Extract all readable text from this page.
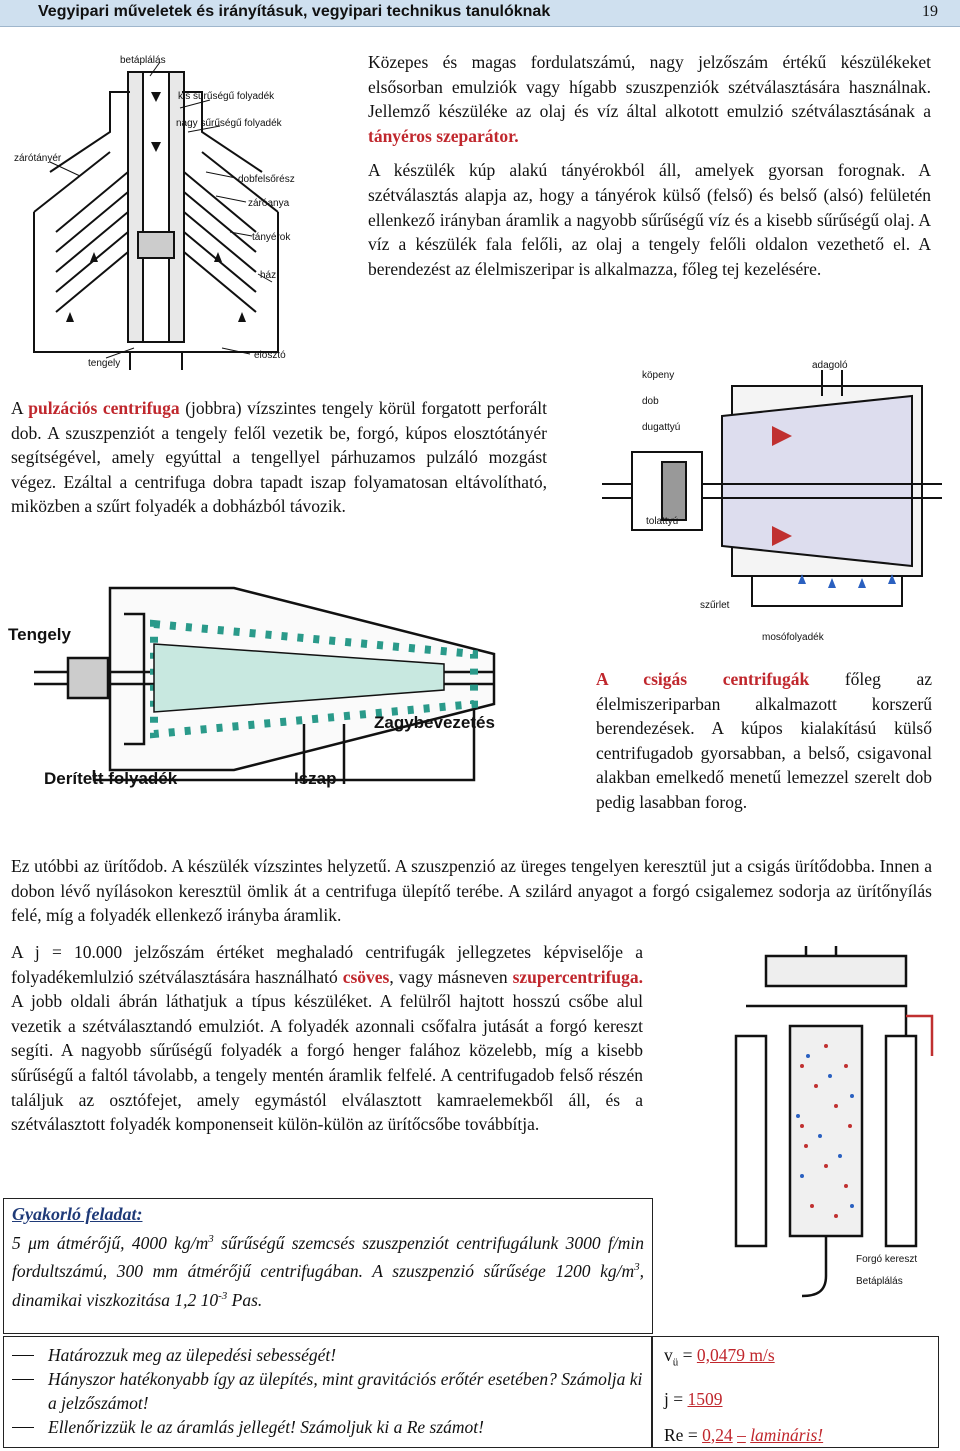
Vegyipari műveletek és irányításuk, vegyipari technikus tanulóknak	19
betáplálás
kis sűrűségű folyadék
nagy sűrűségű folyadék
zárótányér
dobfelsőrész
záróanya
tányérok
ház
tengely
elosztó

Közepes és magas fordulatszámú, nagy jelzőszám értékű készülékeket elsősorban emulziók vagy hígabb szuszpenziók szétválasztására használnak. Jellemző készüléke az olaj és víz által alkotott emulzió szétválasztásának a tányéros szeparátor.

A készülék kúp alakú tányérokból áll, amelyek gyorsan forognak. A szétválasztás alapja az, hogy a tányérok külső (felső) és belső (alsó) felületén ellenkező irányban áramlik a nagyobb sűrűségű víz és a kisebb sűrűségű olaj. A víz a készülék fala felőli, az olaj a tengely felőli oldalon vezethető el. A berendezést az élelmiszeripar is alkalmazza, főleg tej kezelésére.

A pulzációs centrifuga (jobbra) vízszintes tengely körül forgatott perforált dob. A szuszpenziót a tengely felől vezetik be, forgó, kúpos elosztótányér segítségével, amely egyúttal a tengellyel párhuzamos pulzáló mozgást végez. Ezáltal a centrifuga dobra tapadt iszap folyamatosan eltávolítható, miközben a szűrt folyadék a dobházból távozik.

köpeny
adagoló
dob
dugattyú
tolattyú
szűrlet
mosófolyadék
Tengely
Zagybevezetés
Derített folyadék	Iszap

A csigás centrifugák főleg az élelmiszeriparban alkalmazott korszerű berendezések. A kúpos kialakítású külső centrifugadob gyorsabban, a belső, csigavonal alakban emelkedő menetű lemezzel szerelt dob pedig lasabban forog.

Ez utóbbi az ürítődob. A készülék vízszintes helyzetű. A szuszpenzió az üreges tengelyen keresztül jut a csigás ürítődobba. Innen a dobon lévő nyílásokon keresztül ömlik át a centrifuga ülepítő terébe. A szilárd anyagot a forgó csigalemez sodorja az ürítőnyílás felé, míg a folyadék ellenkező irányba áramlik.

A j = 10.000 jelzőszám értéket meghaladó centrifugák jellegzetes képviselője a folyadékemlulzió szétválasztására használható csöves, vagy másneven szupercentrifuga. A jobb oldali ábrán láthatjuk a típus készüléket. A felülről hajtott hosszú csőbe alul vezetik a szétválasztandó emulziót. A folyadék azonnali csőfalra jutását a forgó kereszt segíti. A nagyobb sűrűségű folyadék a forgó henger falához közelebb, míg a kisebb sűrűségű a faltól távolabb, a tengely mentén áramlik felfelé. A centrifugadob felső részén találjuk az osztófejet, amely egymástól elválasztott kamraelemekből áll, és a szétválasztott folyadék komponenseit külön-külön az ürítőcsőbe továbbítja.

Forgó kereszt
Betáplálás
Gyakorló feladat:

5 μm átmérőjű, 4000 $kg/m^3$ sűrűségű szemcsés szuszpenziót centrifugálunk 3000 f/min fordultszámú, 300 mm átmérőjű centrifugában. A szuszpenzió sűrűsége 1200 $kg/m^3$, dinamikai viszkozitása 1,2 $10^{-3}$ Pas.

Határozzuk meg az ülepedési sebességét!
Hányszor hatékonyabb így az ülepítés, mint gravitációs erőtér esetében? Számolja ki a jelzőszámot!
Ellenőrizzük le az áramlás jellegét! Számoljuk ki a Re számot!
$v_ü = 0,0479$ m/s
j = 1509
Re = 0,24 – lamináris!
